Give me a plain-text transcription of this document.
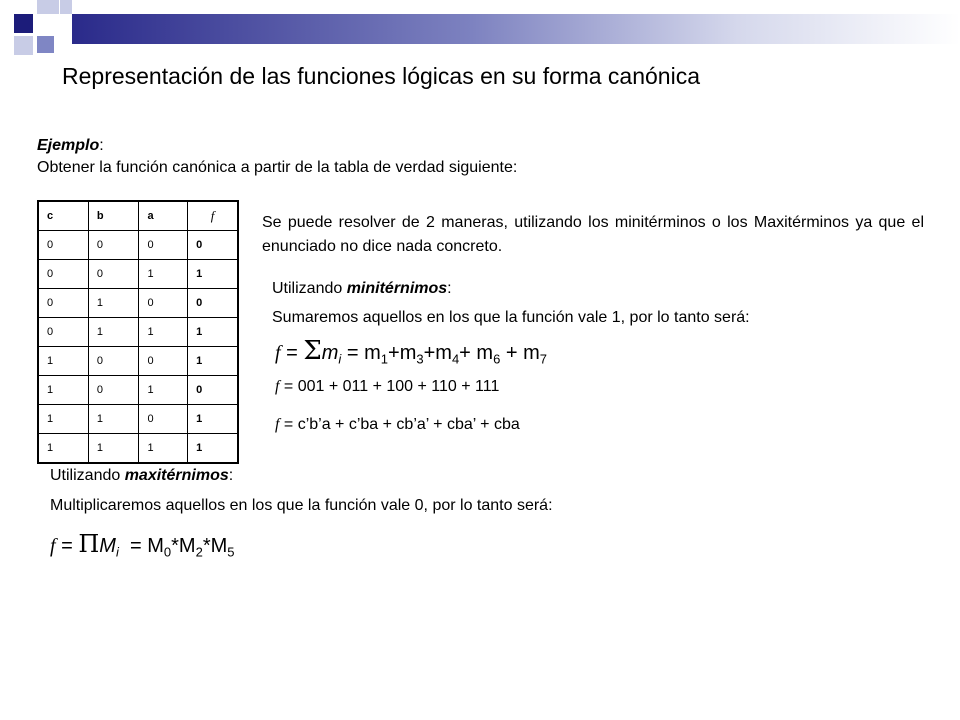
Representación de las funciones lógicas en su forma canónica
Ejemplo:
Obtener la función canónica a partir de la tabla de verdad siguiente:
c	b	a	f
0	0	0	0
0	0	1	1
0	1	0	0
0	1	1	1
1	0	0	1
1	0	1	0
1	1	0	1
1	1	1	1
Se puede resolver de 2 maneras, utilizando los minitérminos o los Maxitérminos ya que el enunciado no dice nada concreto.
Utilizando minitérnimos:
Sumaremos aquellos en los que la función vale 1, por lo tanto será:
$f = \Sigma m_i = m_1+m_3+m_4+ m_6 + m_7$
f = 001 + 011 + 100 + 110 + 111
f = c’b’a + c’ba + cb’a’ + cba’ + cba
Utilizando maxitérnimos:
Multiplicaremos aquellos en los que la función vale 0, por lo tanto será:
$f = \Pi M_i = M_0*M_2*M_5$
